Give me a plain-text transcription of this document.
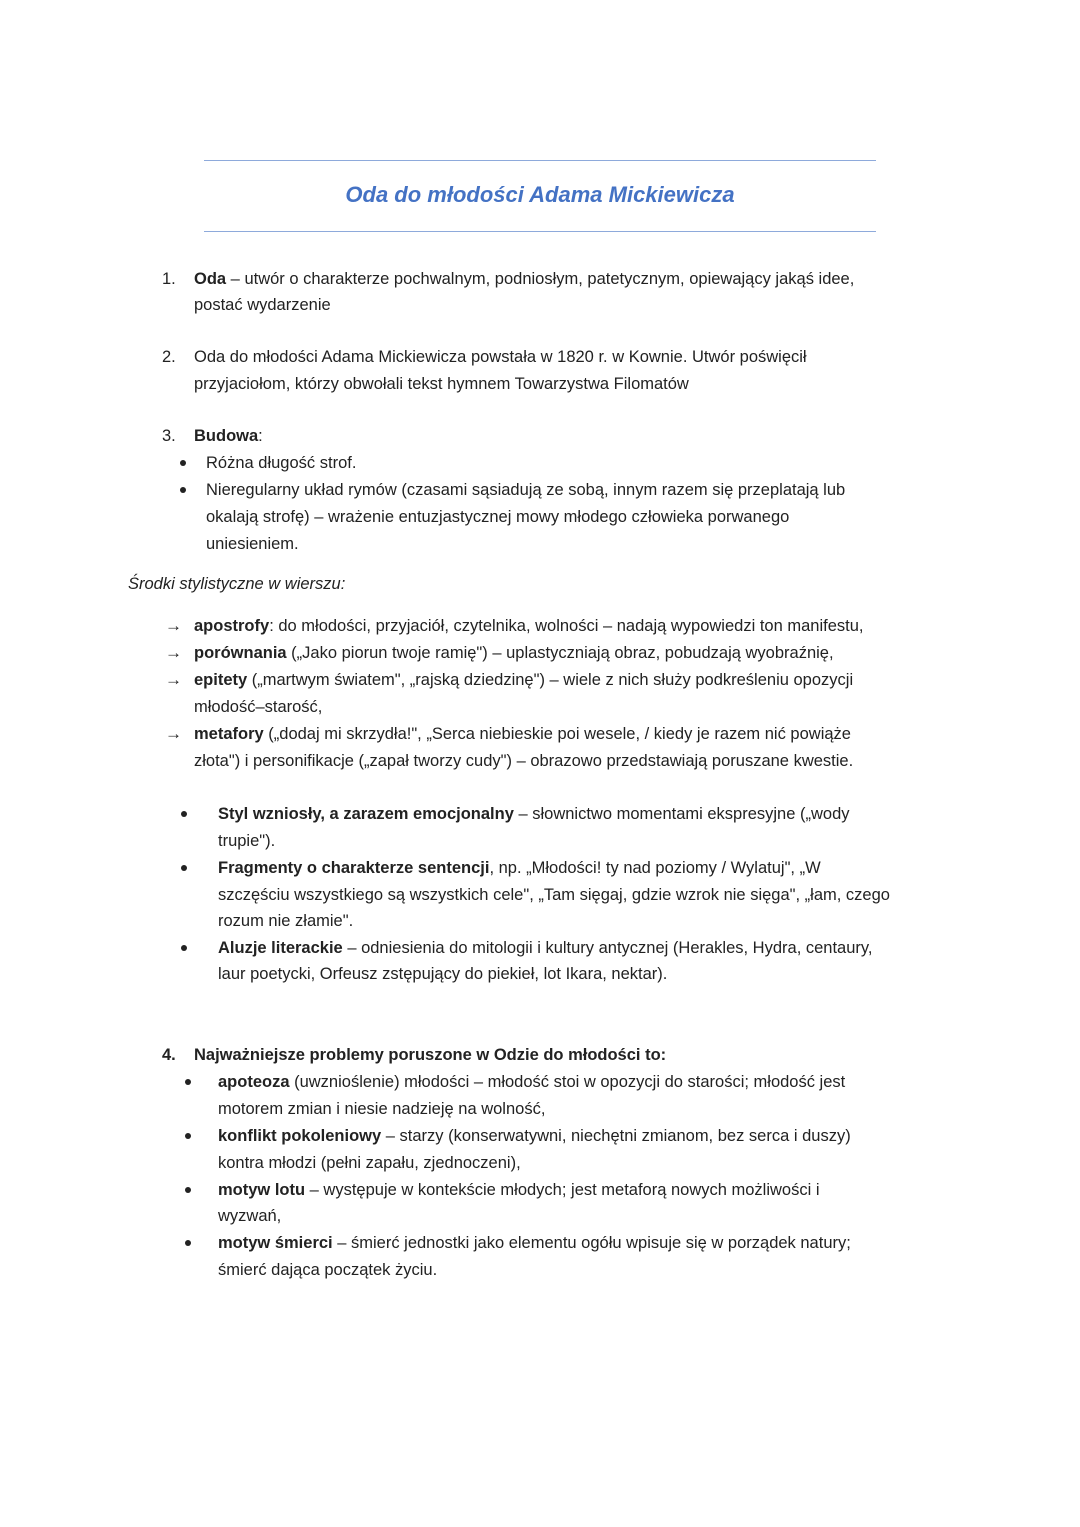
Oda do młodości Adama Mickiewicza
1. Oda – utwór o charakterze pochwalnym, podniosłym, patetycznym, opiewający jakąś idee,
postać wydarzenie
2. Oda do młodości Adama Mickiewicza powstała w 1820 r. w Kownie. Utwór poświęcił
przyjaciołom, którzy obwołali tekst hymnem Towarzystwa Filomatów
3. Budowa:
Różna długość strof.
Nieregularny układ rymów (czasami sąsiadują ze sobą, innym razem się przeplatają lub
okalają strofę) – wrażenie entuzjastycznej mowy młodego człowieka porwanego
uniesieniem.
Środki stylistyczne w wierszu:
→ apostrofy: do młodości, przyjaciół, czytelnika, wolności – nadają wypowiedzi ton manifestu,
→ porównania („Jako piorun twoje ramię") – uplastyczniają obraz, pobudzają wyobraźnię,
→ epitety („martwym światem", „rajską dziedzinę") – wiele z nich służy podkreśleniu opozycji
młodość–starość,
→ metafory („dodaj mi skrzydła!", „Serca niebieskie poi wesele, / kiedy je razem nić powiąże
złota") i personifikacje („zapał tworzy cudy") – obrazowo przedstawiają poruszane kwestie.
Styl wzniosły, a zarazem emocjonalny – słownictwo momentami ekspresyjne („wody
trupie").
Fragmenty o charakterze sentencji, np. „Młodości! ty nad poziomy / Wylatuj", „W
szczęściu wszystkiego są wszystkich cele", „Tam sięgaj, gdzie wzrok nie sięga", „łam, czego
rozum nie złamie".
Aluzje literackie – odniesienia do mitologii i kultury antycznej (Herakles, Hydra, centaury,
laur poetycki, Orfeusz zstępujący do piekieł, lot Ikara, nektar).
4. Najważniejsze problemy poruszone w Odzie do młodości to:
apoteoza (uwznioślenie) młodości – młodość stoi w opozycji do starości; młodość jest
motorem zmian i niesie nadzieję na wolność,
konflikt pokoleniowy – starzy (konserwatywni, niechętni zmianom, bez serca i duszy)
kontra młodzi (pełni zapału, zjednoczeni),
motyw lotu – występuje w kontekście młodych; jest metaforą nowych możliwości i
wyzwań,
motyw śmierci – śmierć jednostki jako elementu ogółu wpisuje się w porządek natury;
śmierć dająca początek życiu.
